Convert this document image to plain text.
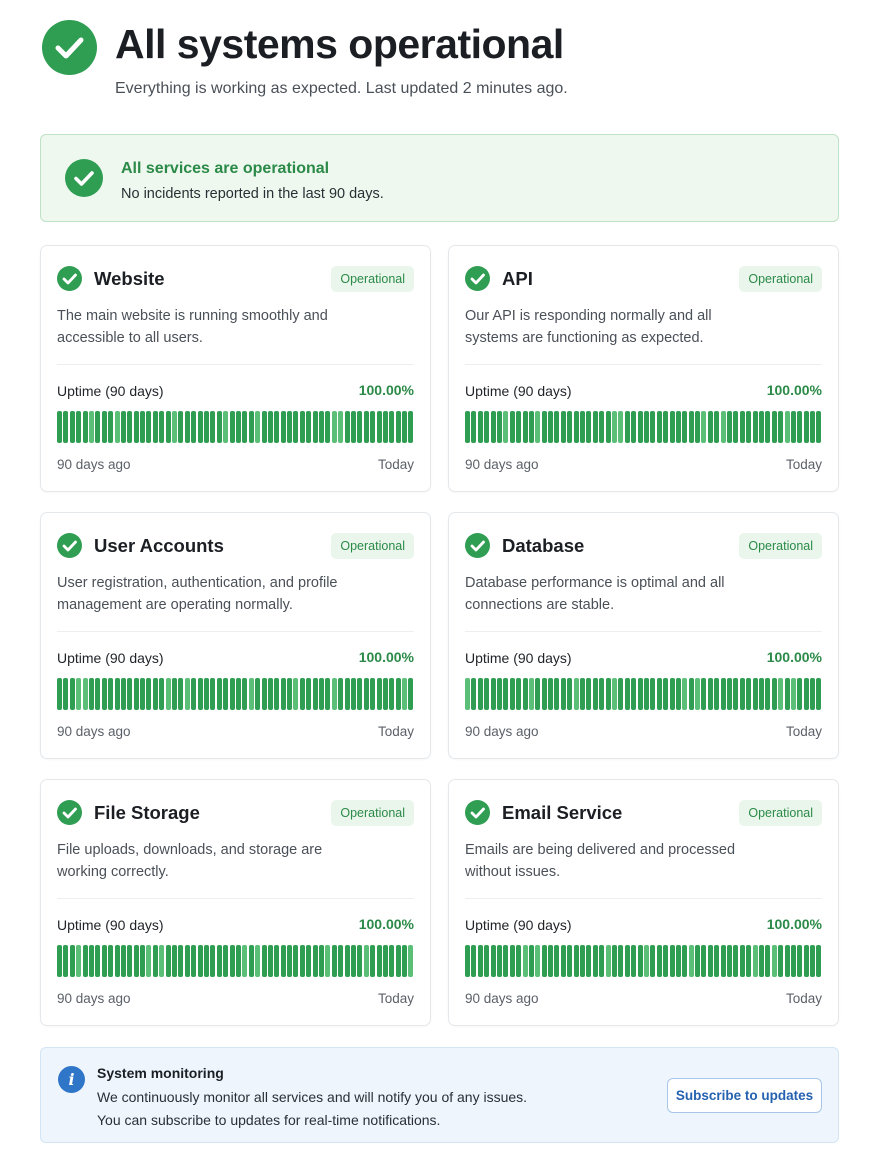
All systems operational

Everything is working as expected. Last updated 2 minutes ago.

All services are operational
No incidents reported in the last 90 days.
Website	Operational
The main website is running smoothly and accessible to all users.
Uptime (90 days)	100.00%
90 days ago	Today
API	Operational
Our API is responding normally and all systems are functioning as expected.
Uptime (90 days)	100.00%
90 days ago	Today
User Accounts	Operational
User registration, authentication, and profile management are operating normally.
Uptime (90 days)	100.00%
90 days ago	Today
Database	Operational
Database performance is optimal and all connections are stable.
Uptime (90 days)	100.00%
90 days ago	Today
File Storage	Operational
File uploads, downloads, and storage are working correctly.
Uptime (90 days)	100.00%
90 days ago	Today
Email Service	Operational
Emails are being delivered and processed without issues.
Uptime (90 days)	100.00%
90 days ago	Today
i	System monitoring
We continuously monitor all services and will notify you of any issues.
You can subscribe to updates for real-time notifications.
Subscribe to updates
